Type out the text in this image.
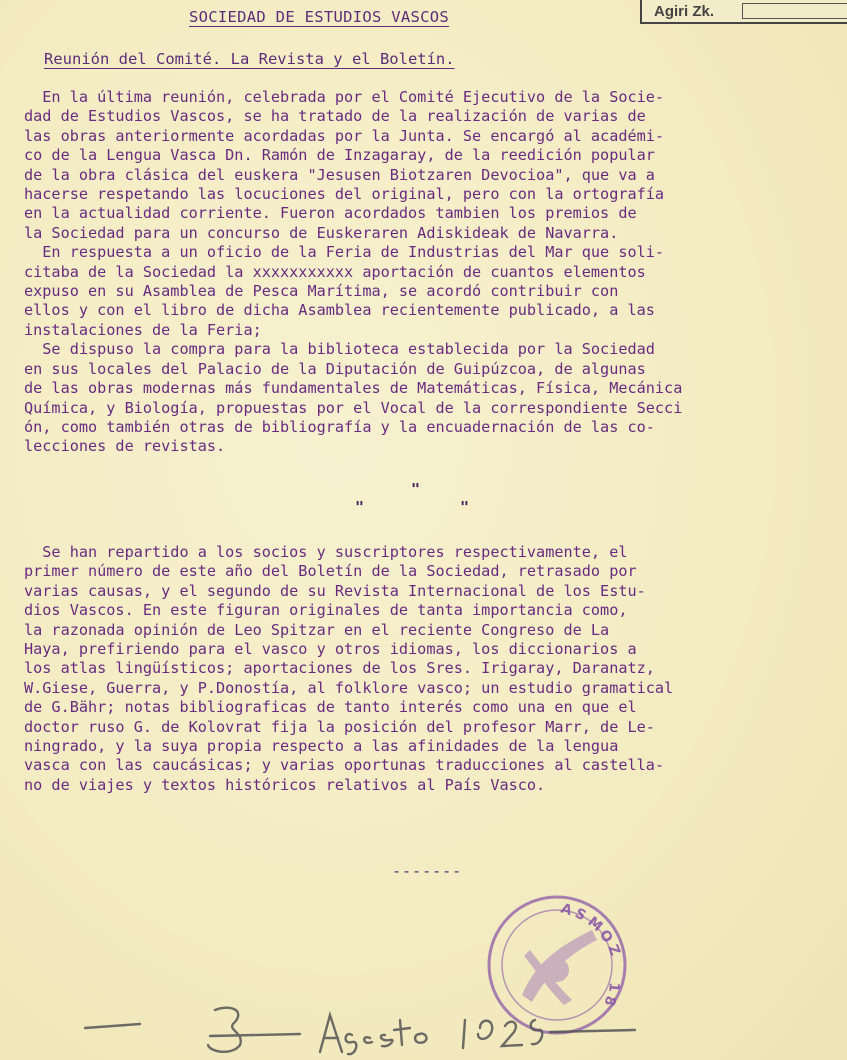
Agiri Zk.
SOCIEDAD DE ESTUDIOS VASCOS
Reunión del Comité. La Revista y el Boletín.

En la última reunión, celebrada por el Comité Ejecutivo de la Socie-
dad de Estudios Vascos, se ha tratado de la realización de varias de
las obras anteriormente acordadas por la Junta. Se encargó al académi-
co de la Lengua Vasca Dn. Ramón de Inzagaray, de la reedición popular
de la obra clásica del euskera "Jesusen Biotzaren Devocioa", que va a
hacerse respetando las locuciones del original, pero con la ortografía
en la actualidad corriente. Fueron acordados tambien los premios de
la Sociedad para un concurso de Euskeraren Adiskideak de Navarra.
En respuesta a un oficio de la Feria de Industrias del Mar que soli-
citaba de la Sociedad la xxxxxxxxxxx aportación de cuantos elementos
expuso en su Asamblea de Pesca Marítima, se acordó contribuir con
ellos y con el libro de dicha Asamblea recientemente publicado, a las
instalaciones de la Feria;
Se dispuso la compra para la biblioteca establecida por la Sociedad
en sus locales del Palacio de la Diputación de Guipúzcoa, de algunas
de las obras modernas más fundamentales de Matemáticas, Física, Mecánica
Química, y Biología, propuestas por el Vocal de la correspondiente Secci
ón, como también otras de bibliografía y la encuadernación de las co-
lecciones de revistas.

"
"	"

Se han repartido a los socios y suscriptores respectivamente, el
primer número de este año del Boletín de la Sociedad, retrasado por
varias causas, y el segundo de su Revista Internacional de los Estu-
dios Vascos. En este figuran originales de tanta importancia como,
la razonada opinión de Leo Spitzar en el reciente Congreso de La
Haya, prefiriendo para el vasco y otros idiomas, los diccionarios a
los atlas lingüísticos; aportaciones de los Sres. Irigaray, Daranatz,
W.Giese, Guerra, y P.Donostía, al folklore vasco; un estudio gramatical
de G.Bähr; notas bibliograficas de tanto interés como una en que el
doctor ruso G. de Kolovrat fija la posición del profesor Marr, de Le-
ningrado, y la suya propia respecto a las afinidades de la lengua
vasca con las caucásicas; y varias oportunas traducciones al castella-
no de viajes y textos históricos relativos al País Vasco.

-------
A
S
M
O
Z
1
8
